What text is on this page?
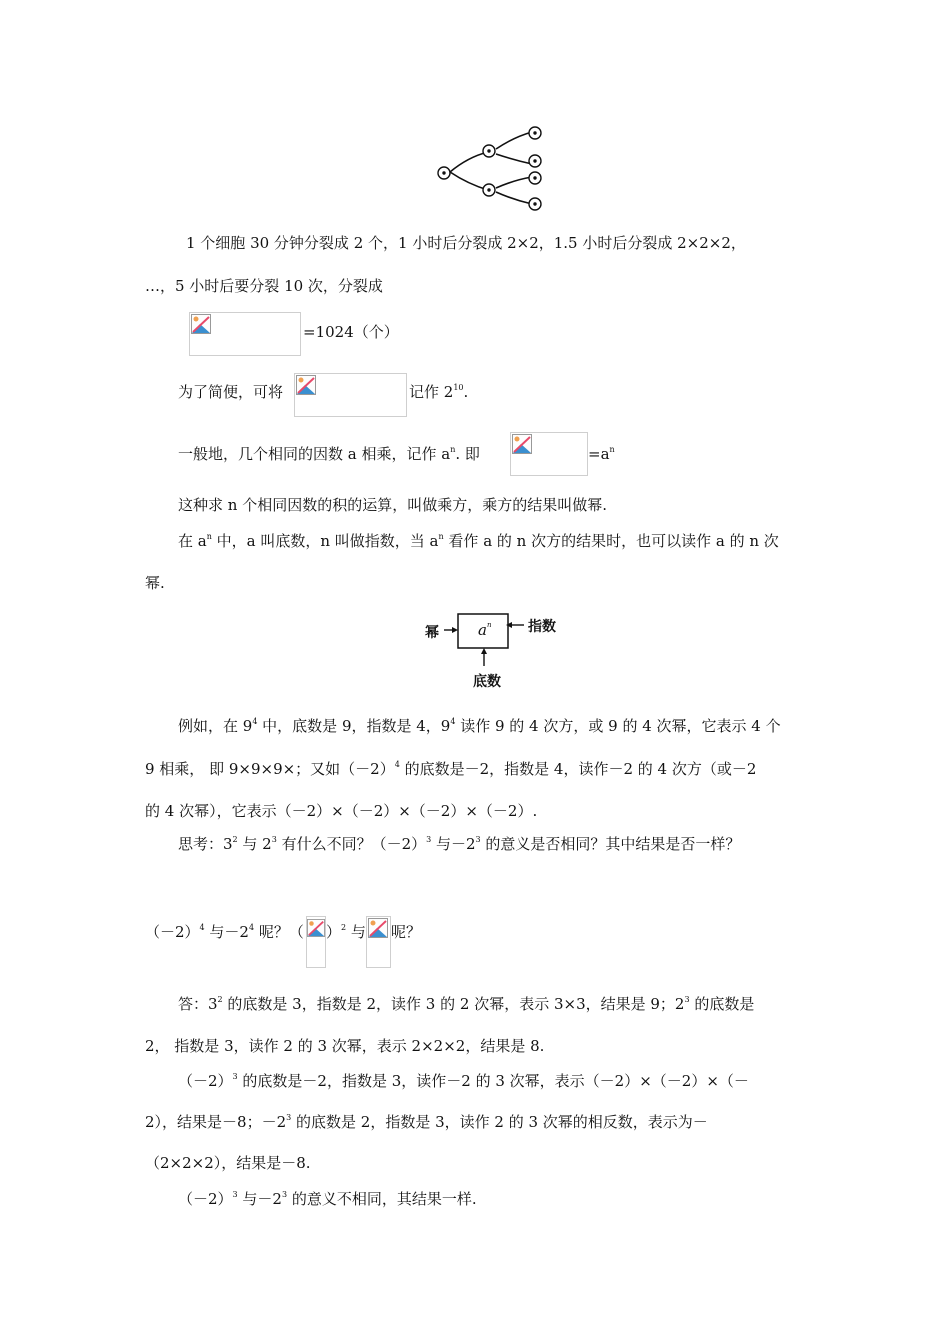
1 个细胞 30 分钟分裂成 2 个，1 小时后分裂成 2×2，1.5 小时后分裂成 2×2×2，
…，5 小时后要分裂 10 次，分裂成
=1024（个）
为了简便，可将	记作 $2^{10}$.
一般地，几个相同的因数 a 相乘，记作 $a^n$. 即	$=a^n$
这种求 n 个相同因数的积的运算，叫做乘方，乘方的结果叫做幂.
在 $a^n$ 中，a 叫底数，n 叫做指数，当 $a^n$ 看作 a 的 n 次方的结果时，也可以读作 a 的 n 次
幂.
幂	指数
底数
$a^n$
例如，在 $9^4$ 中，底数是 9，指数是 4，$9^4$ 读作 9 的 4 次方，或 9 的 4 次幂，它表示 4 个
9 相乘， 即 9×9×9×；又如$(-2)^4$ 的底数是－2，指数是 4，读作－2 的 4 次方（或－2
的 4 次幂），它表示（－2）×（－2）×（－2）×（－2）.
思考：$3^2$ 与 $2^3$ 有什么不同？$(-2)^3$ 与$-2^3$ 的意义是否相同？其中结果是否一样？
$(-2)^4$ 与$-2^4$ 呢？（ ）$^2$ 与 呢？
答：$3^2$ 的底数是 3，指数是 2，读作 3 的 2 次幂，表示 3×3，结果是 9；$2^3$ 的底数是
2， 指数是 3，读作 2 的 3 次幂，表示 2×2×2，结果是 8.
$(-2)^3$ 的底数是－2，指数是 3，读作－2 的 3 次幂，表示（－2）×（－2）×（－
2），结果是－8；$-2^3$ 的底数是 2，指数是 3，读作 2 的 3 次幂的相反数，表示为－
（2×2×2），结果是－8.
$(-2)^3$ 与$-2^3$ 的意义不相同，其结果一样.
